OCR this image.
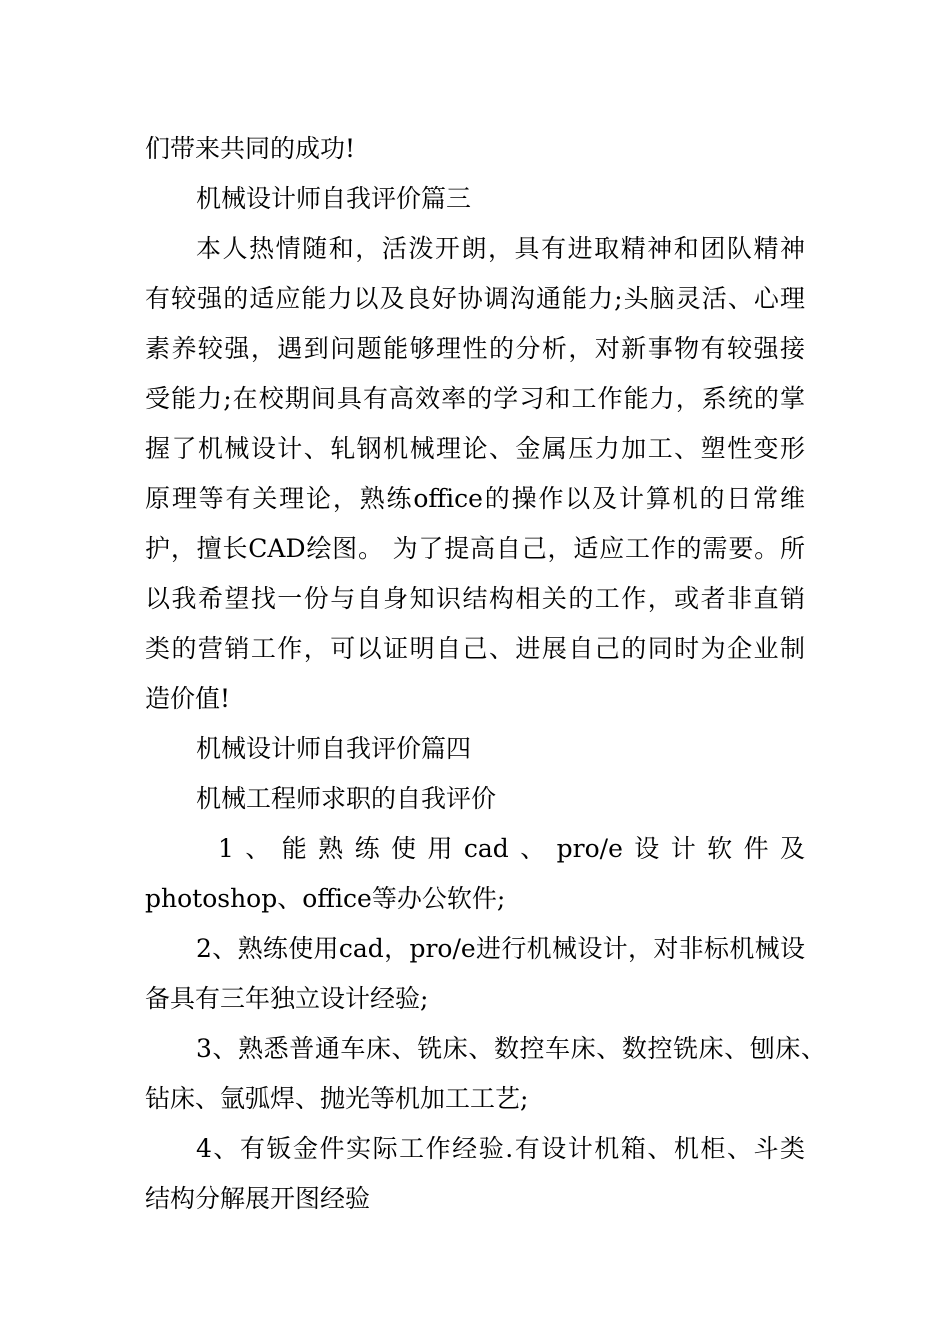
们带来共同的成功!
机械设计师自我评价篇三
本人热情随和，活泼开朗，具有进取精神和团队精神
有较强的适应能力以及良好协调沟通能力;头脑灵活、心理
素养较强，遇到问题能够理性的分析，对新事物有较强接
受能力;在校期间具有高效率的学习和工作能力，系统的掌
握了机械设计、轧钢机械理论、金属压力加工、塑性变形
原理等有关理论，熟练office的操作以及计算机的日常维
护，擅长CAD绘图。 为了提高自己，适应工作的需要。所
以我希望找一份与自身知识结构相关的工作，或者非直销
类的营销工作，可以证明自己、进展自己的同时为企业制
造价值!
机械设计师自我评价篇四
机械工程师求职的自我评价
1、能熟练使用cad、pro/e设计软件及
photoshop、office等办公软件;
2、熟练使用cad，pro/e进行机械设计，对非标机械设
备具有三年独立设计经验;
3、熟悉普通车床、铣床、数控车床、数控铣床、刨床、
钻床、氩弧焊、抛光等机加工工艺;
4、有钣金件实际工作经验.有设计机箱、机柜、斗类
结构分解展开图经验
